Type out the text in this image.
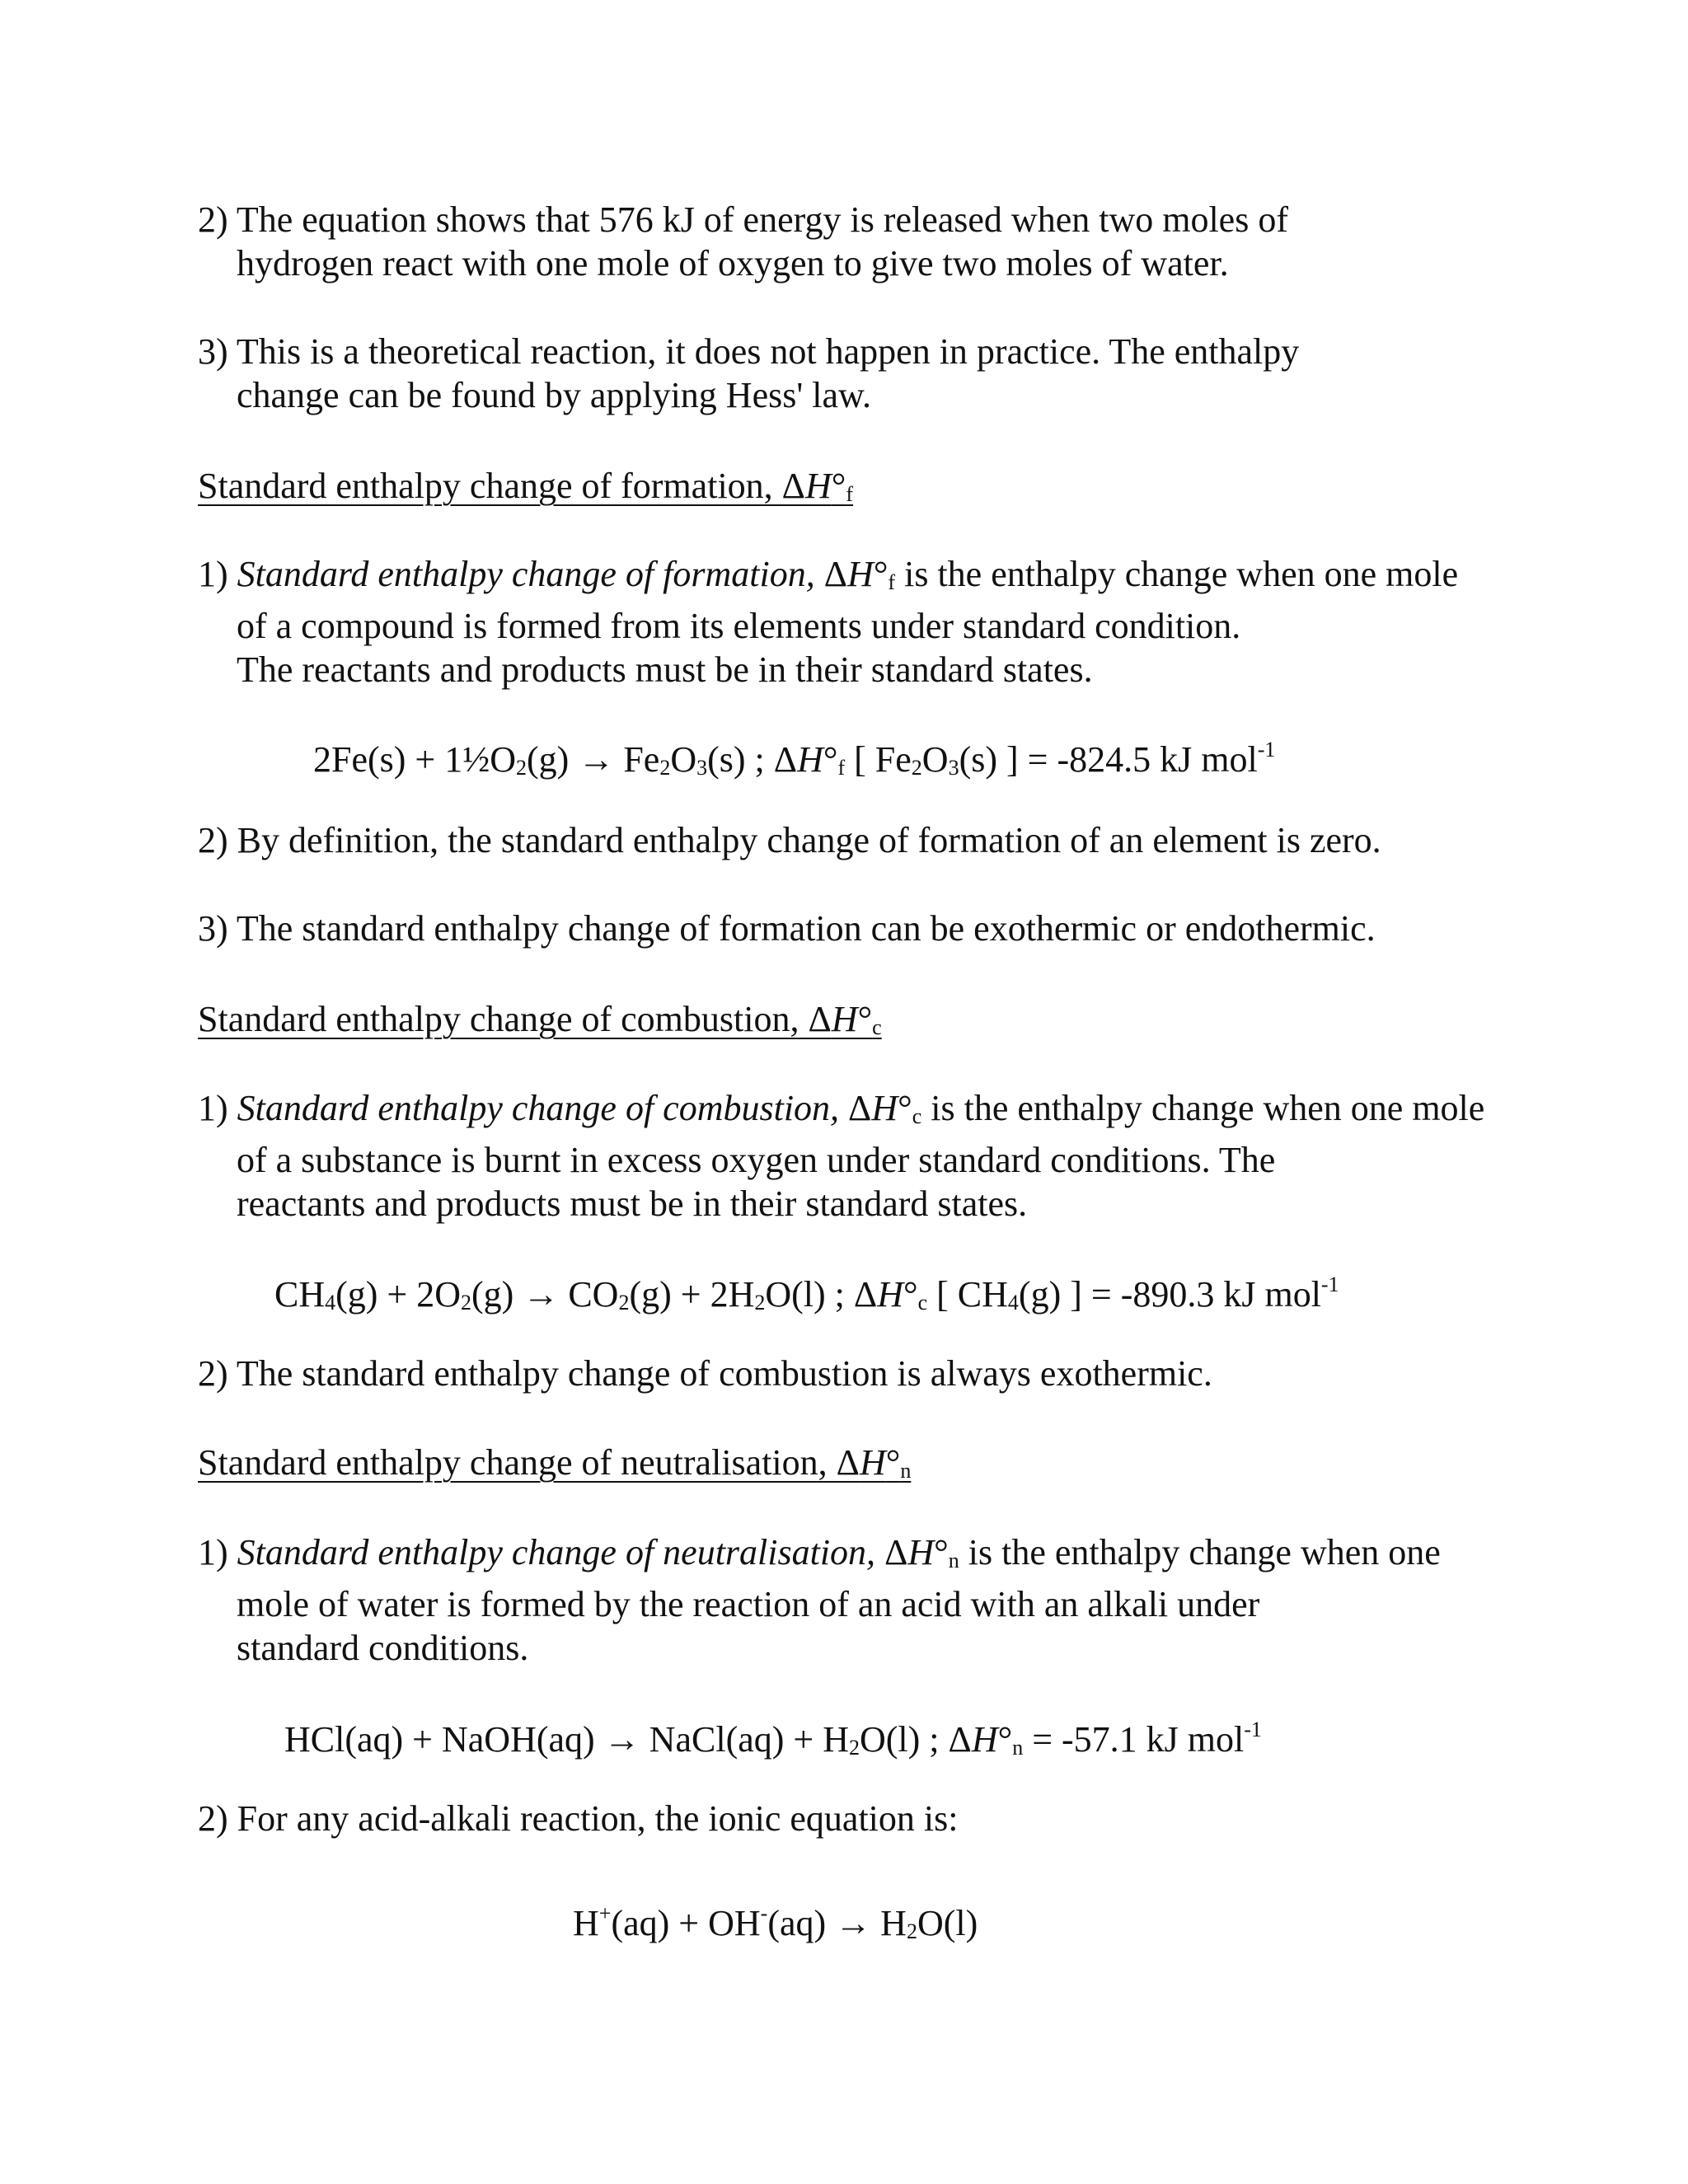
2) The equation shows that 576 kJ of energy is released when two moles of
hydrogen react with one mole of oxygen to give two moles of water.

3) This is a theoretical reaction, it does not happen in practice. The enthalpy
change can be found by applying Hess' law.

Standard enthalpy change of formation, ΔH°f

1) Standard enthalpy change of formation, ΔH°f is the enthalpy change when one mole
of a compound is formed from its elements under standard condition.
The reactants and products must be in their standard states.

2Fe(s) + 1½O2(g) → Fe2O3(s) ; ΔH°f [ Fe2O3(s) ] = -824.5 kJ mol$^{-1}$

2) By definition, the standard enthalpy change of formation of an element is zero.

3) The standard enthalpy change of formation can be exothermic or endothermic.

Standard enthalpy change of combustion, ΔH°c

1) Standard enthalpy change of combustion, ΔH°c is the enthalpy change when one mole
of a substance is burnt in excess oxygen under standard conditions. The
reactants and products must be in their standard states.

CH4(g) + 2O2(g) → CO2(g) + 2H2O(l) ; ΔH°c [ CH4(g) ] = -890.3 kJ mol$^{-1}$

2) The standard enthalpy change of combustion is always exothermic.

Standard enthalpy change of neutralisation, ΔH°n

1) Standard enthalpy change of neutralisation, ΔH°n is the enthalpy change when one
mole of water is formed by the reaction of an acid with an alkali under
standard conditions.

HCl(aq) + NaOH(aq) → NaCl(aq) + H2O(l) ; ΔH°n = -57.1 kJ mol$^{-1}$

2) For any acid-alkali reaction, the ionic equation is:

H+(aq) + OH-(aq) → H2O(l)
